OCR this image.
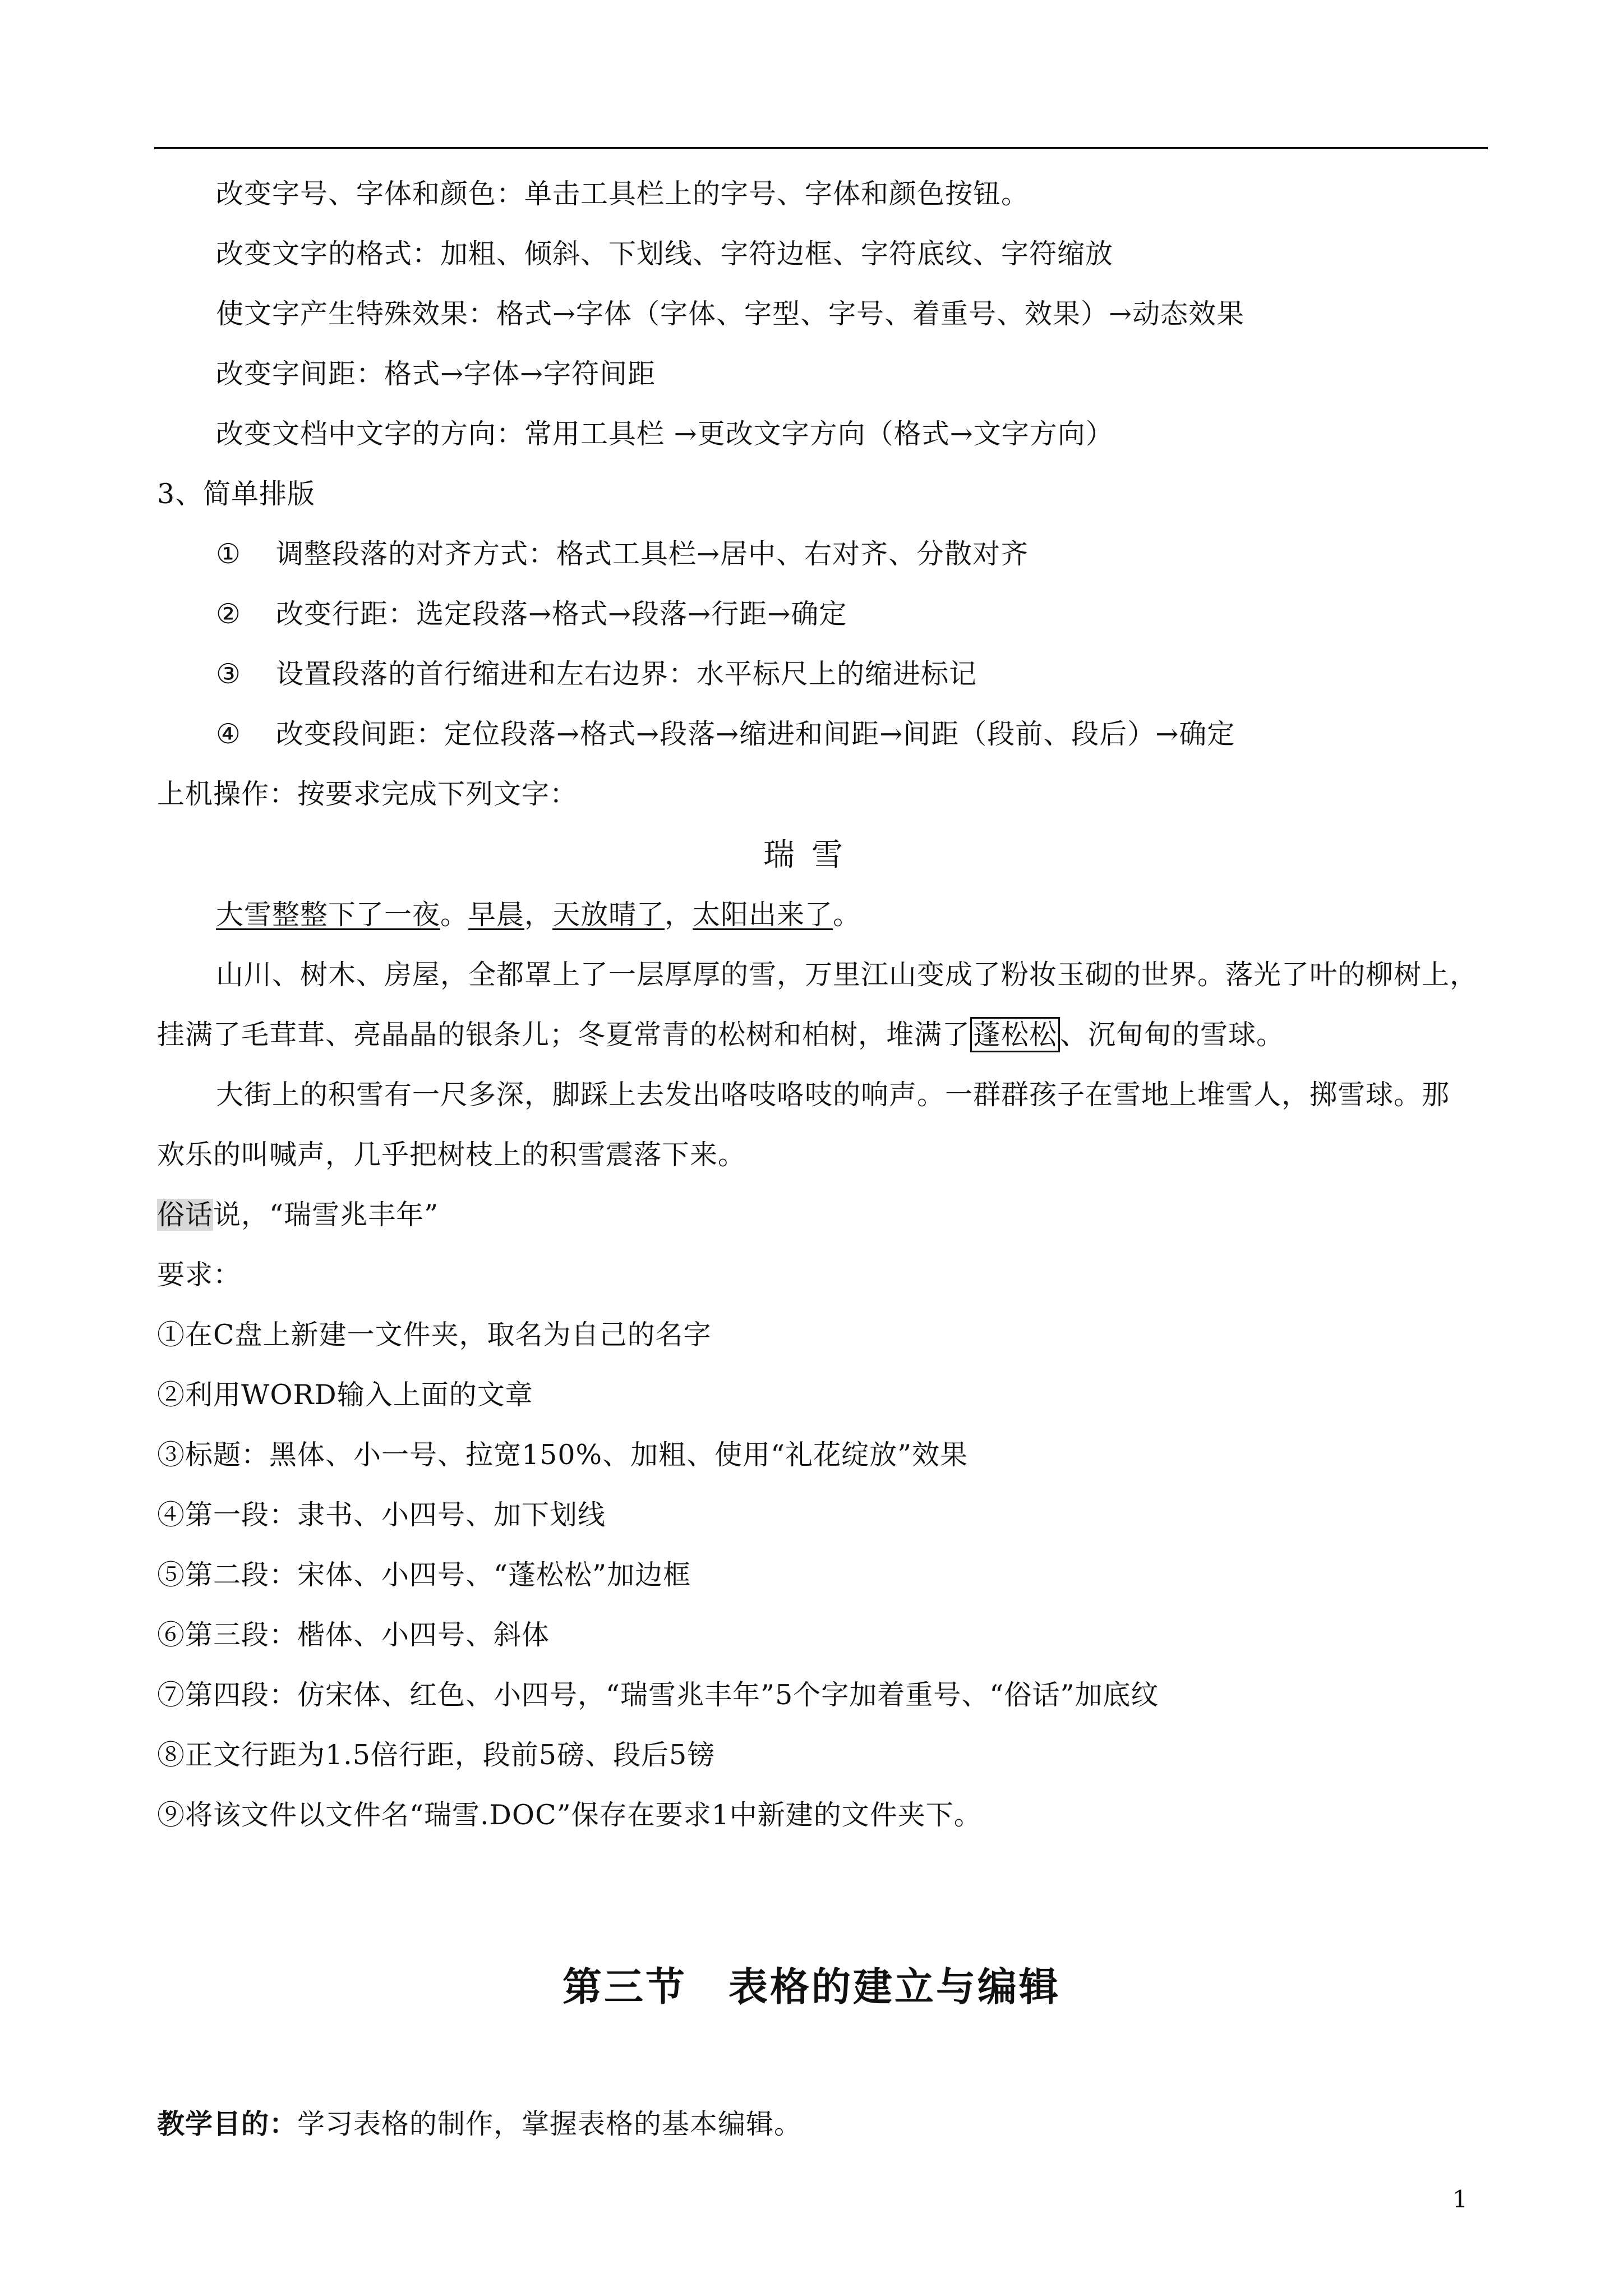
改变字号、字体和颜色：单击工具栏上的字号、字体和颜色按钮。
改变文字的格式：加粗、倾斜、下划线、字符边框、字符底纹、字符缩放
使文字产生特殊效果：格式→字体（字体、字型、字号、着重号、效果）→动态效果
改变字间距：格式→字体→字符间距
改变文档中文字的方向：常用工具栏 →更改文字方向（格式→文字方向）
3、简单排版
① 调整段落的对齐方式：格式工具栏→居中、右对齐、分散对齐
② 改变行距：选定段落→格式→段落→行距→确定
③ 设置段落的首行缩进和左右边界：水平标尺上的缩进标记
④ 改变段间距：定位段落→格式→段落→缩进和间距→间距（段前、段后）→确定
上机操作：按要求完成下列文字：
瑞雪
大雪整整下了一夜。早晨，天放晴了，太阳出来了。
山川、树木、房屋，全都罩上了一层厚厚的雪，万里江山变成了粉妆玉砌的世界。落光了叶的柳树上，
挂满了毛茸茸、亮晶晶的银条儿；冬夏常青的松树和柏树，堆满了 蓬松松 、沉甸甸的雪球。
大街上的积雪有一尺多深，脚踩上去发出咯吱咯吱的响声。一群群孩子在雪地上堆雪人，掷雪球。那
欢乐的叫喊声，几乎把树枝上的积雪震落下来。
俗话说，“瑞雪兆丰年”
要求：
①在C盘上新建一文件夹，取名为自己的名字
②利用WORD输入上面的文章
③标题：黑体、小一号、拉宽150%、加粗、使用“礼花绽放”效果
④第一段：隶书、小四号、加下划线
⑤第二段：宋体、小四号、“蓬松松”加边框
⑥第三段：楷体、小四号、斜体
⑦第四段：仿宋体、红色、小四号，“瑞雪兆丰年”5个字加着重号、“俗话”加底纹
⑧正文行距为1.5倍行距，段前5磅、段后5镑
⑨将该文件以文件名“瑞雪.DOC”保存在要求1中新建的文件夹下。
第三节　表格的建立与编辑
教学目的：学习表格的制作，掌握表格的基本编辑。
1
